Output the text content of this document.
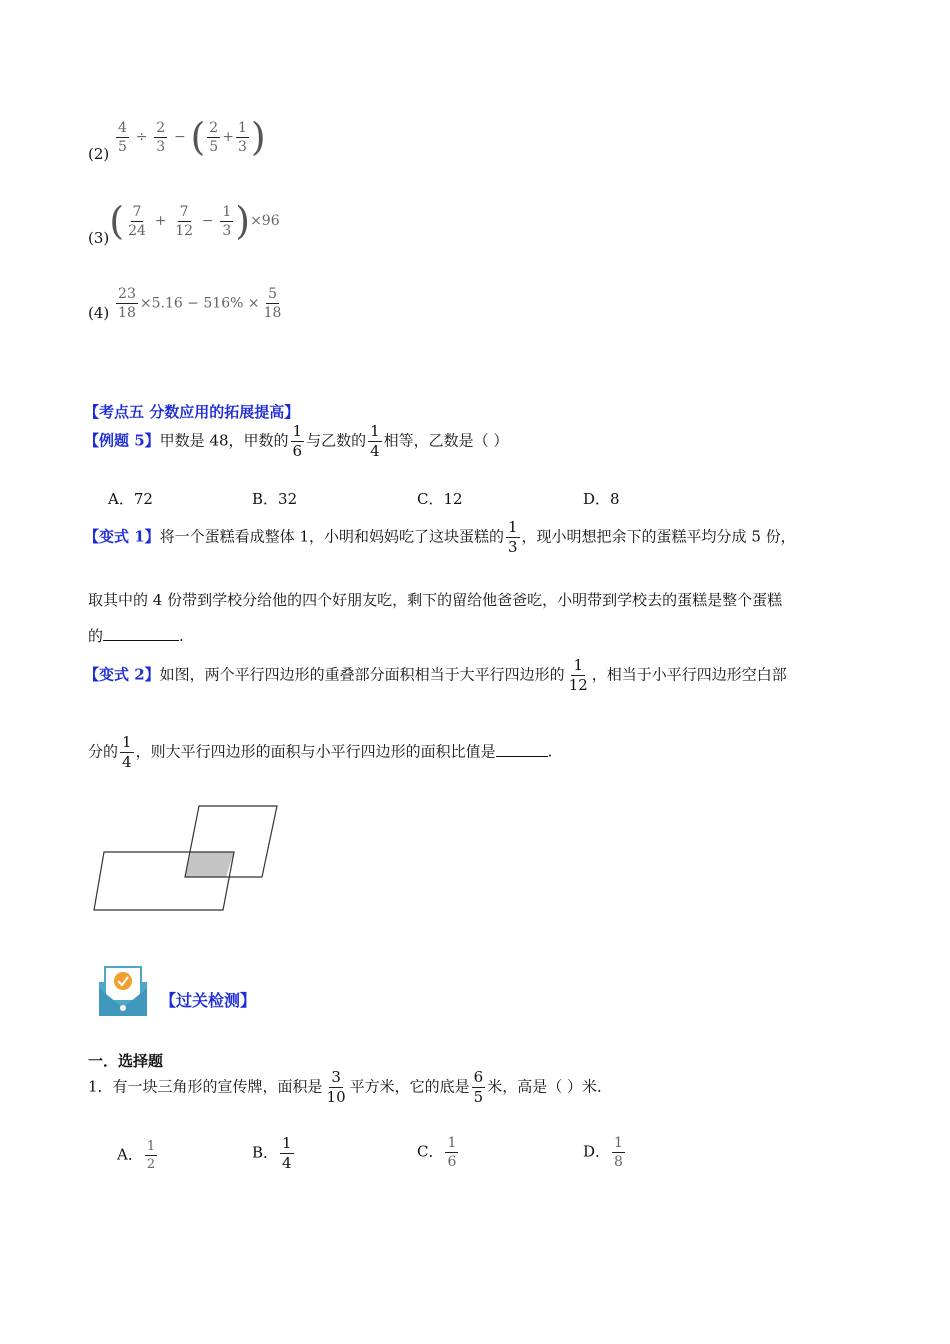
(2)
$\frac{4}{5} \div \frac{2}{3}$ − ( $\frac{2}{5} + \frac{1}{3}$ )
$(3)( \frac{7}{24} + \frac{7}{12} - \frac{1}{3} )\times 96$
$(4) \frac{23}{18} \times 5.16 - 516\% \times \frac{5}{18}$
【考点五 分数应用的拓展提高】
【例题 5】甲数是 48，甲数的 $\frac{1}{6}$ 与乙数的 $\frac{1}{4}$ 相等，乙数是（ ）
A．72	B．32	C．12	D．8
【变式 1】将一个蛋糕看成整体 1，小明和妈妈吃了这块蛋糕的 $\frac{1}{3}$ ，现小明想把余下的蛋糕平均分成 5 份，
取其中的 4 份带到学校分给他的四个好朋友吃，剩下的留给他爸爸吃，小明带到学校去的蛋糕是整个蛋糕
的	.
【变式 2】如图，两个平行四边形的重叠部分面积相当于大平行四边形的 $\frac{1}{12}$ ，相当于小平行四边形空白部
分的 $\frac{1}{4}$ ，则大平行四边形的面积与小平行四边形的面积比值是	.
【过关检测】
一．选择题
1．有一块三角形的宣传牌，面积是 $\frac{3}{10}$ 平方米，它的底是 $\frac{6}{5}$ 米，高是（ ）米．
A． $\frac{1}{2}$	B． $\frac{1}{4}$	C． $\frac{1}{6}$	D． $\frac{1}{8}$
